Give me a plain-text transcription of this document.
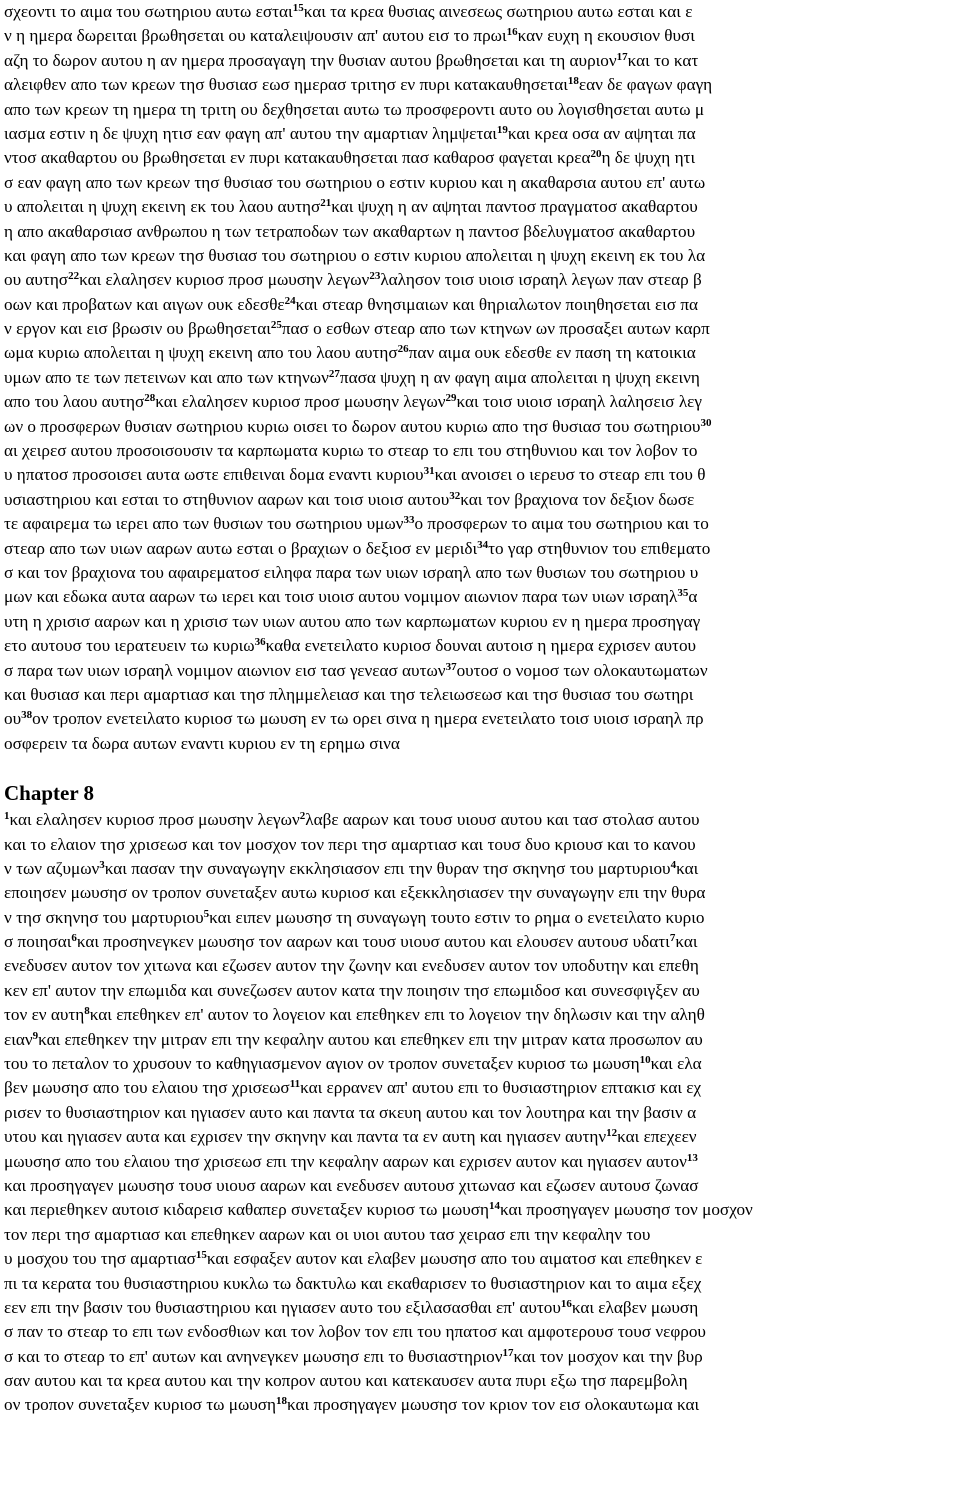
σχεοντι το αιμα του σωτηριου αυτω εσται$^{15}$και τα κρεα θυσιας αινεσεως σωτηριου αυτω εσται και ε
ν η ημερα δωρειται βρωθησεται ου καταλειψουσιν απ' αυτου εισ το πρωι$^{16}$καν ευχη η εκουσιον θυσι
αζη το δωρον αυτου η αν ημερα προσαγαγη την θυσιαν αυτου βρωθησεται και τη αυριον$^{17}$και το κατ
αλειφθεν απο των κρεων τησ θυσιασ εωσ ημερασ τριτησ εν πυρι κατακαυθησεται$^{18}$εαν δε φαγων φαγη
απο των κρεων τη ημερα τη τριτη ου δεχθησεται αυτω τω προσφεροντι αυτο ου λογισθησεται αυτω μ
ιασμα εστιν η δε ψυχη ητισ εαν φαγη απ' αυτου την αμαρτιαν λημψεται$^{19}$και κρεα οσα αν αψηται πα
ντοσ ακαθαρτου ου βρωθησεται εν πυρι κατακαυθησεται πασ καθαροσ φαγεται κρεα$^{20}$η δε ψυχη ητι
σ εαν φαγη απο των κρεων τησ θυσιασ του σωτηριου ο εστιν κυριου και η ακαθαρσια αυτου επ' αυτω
υ απολειται η ψυχη εκεινη εκ του λαου αυτησ$^{21}$και ψυχη η αν αψηται παντοσ πραγματοσ ακαθαρτου
η απο ακαθαρσιασ ανθρωπου η των τετραποδων των ακαθαρτων η παντοσ βδελυγματοσ ακαθαρτου
και φαγη απο των κρεων τησ θυσιασ του σωτηριου ο εστιν κυριου απολειται η ψυχη εκεινη εκ του λα
ου αυτησ$^{22}$και ελαλησεν κυριοσ προσ μωυσην λεγων$^{23}$λαλησον τοισ υιοισ ισραηλ λεγων παν στεαρ β
οων και προβατων και αιγων ουκ εδεσθε$^{24}$και στεαρ θνησιμαιων και θηριαλωτον ποιηθησεται εισ πα
ν εργον και εισ βρωσιν ου βρωθησεται$^{25}$πασ ο εσθων στεαρ απο των κτηνων ων προσαξει αυτων καρπ
ωμα κυριω απολειται η ψυχη εκεινη απο του λαου αυτησ$^{26}$παν αιμα ουκ εδεσθε εν παση τη κατοικια
υμων απο τε των πετεινων και απο των κτηνων$^{27}$πασα ψυχη η αν φαγη αιμα απολειται η ψυχη εκεινη
απο του λαου αυτησ$^{28}$και ελαλησεν κυριοσ προσ μωυσην λεγων$^{29}$και τοισ υιοισ ισραηλ λαλησεισ λεγ
ων ο προσφερων θυσιαν σωτηριου κυριω οισει το δωρον αυτου κυριω απο τησ θυσιασ του σωτηριου$^{30}$
αι χειρεσ αυτου προσοισουσιν τα καρπωματα κυριω το στεαρ το επι του στηθυνιου και τον λοβον το
υ ηπατοσ προσοισει αυτα ωστε επιθειναι δομα εναντι κυριου$^{31}$και ανοισει ο ιερευσ το στεαρ επι του θ
υσιαστηριου και εσται το στηθυνιον ααρων και τοισ υιοισ αυτου$^{32}$και τον βραχιονα τον δεξιον δωσε
τε αφαιρεμα τω ιερει απο των θυσιων του σωτηριου υμων$^{33}$ο προσφερων το αιμα του σωτηριου και το
στεαρ απο των υιων ααρων αυτω εσται ο βραχιων ο δεξιοσ εν μεριδι$^{34}$το γαρ στηθυνιον του επιθεματο
σ και τον βραχιονα του αφαιρεματοσ ειληφα παρα των υιων ισραηλ απο των θυσιων του σωτηριου υ
μων και εδωκα αυτα ααρων τω ιερει και τοισ υιοισ αυτου νομιμον αιωνιον παρα των υιων ισραηλ$^{35}$α
υτη η χρισισ ααρων και η χρισισ των υιων αυτου απο των καρπωματων κυριου εν η ημερα προσηγαγ
ετο αυτουσ του ιερατευειν τω κυριω$^{36}$καθα ενετειλατο κυριοσ δουναι αυτοισ η ημερα εχρισεν αυτου
σ παρα των υιων ισραηλ νομιμον αιωνιον εισ τασ γενεασ αυτων$^{37}$ουτοσ ο νομοσ των ολοκαυτωματων
και θυσιασ και περι αμαρτιασ και τησ πλημμελειασ και τησ τελειωσεωσ και τησ θυσιασ του σωτηρι
$o\upsilon^{38}o\nu$ τροπον ενετειλατο κυριοσ τω μωυση εν τω ορει σινα η ημερα ενετειλατο τοισ υιοισ ισραηλ πρ
οσφερειν τα δωρα αυτων εναντι κυριου εν τη ερημω σινα
Chapter 8
$^1$και ελαλησεν κυριοσ προσ μωυσην λεγων$^2$λαβε ααρων και τουσ υιουσ αυτου και τασ στολασ αυτου
και το ελαιον τησ χρισεωσ και τον μοσχον τον περι τησ αμαρτιασ και τουσ δυο κριουσ και το κανου
ν των αζυμων$^3$και πασαν την συναγωγην εκκλησιασον επι την θυραν τησ σκηνησ του μαρτυριου$^4$και
εποιησεν μωυσησ ον τροπον συνεταξεν αυτω κυριοσ και εξεκκλησιασεν την συναγωγην επι την θυρα
ν τησ σκηνησ του μαρτυριου$^5$και ειπεν μωυσησ τη συναγωγη τουτο εστιν το ρημα ο ενετειλατο κυριο
σ ποιησαι$^6$και προσηνεγκεν μωυσησ τον ααρων και τουσ υιουσ αυτου και ελουσεν αυτουσ υδατι$^7$και
ενεδυσεν αυτον τον χιτωνα και εζωσεν αυτον την ζωνην και ενεδυσεν αυτον τον υποδυτην και επεθη
κεν επ' αυτον την επωμιδα και συνεζωσεν αυτον κατα την ποιησιν τησ επωμιδοσ και συνεσφιγξεν αυ
τον εν αυτη$^8$και επεθηκεν επ' αυτον το λογειον και επεθηκεν επι το λογειον την δηλωσιν και την αληθ
ειαν$^9$και επεθηκεν την μιτραν επι την κεφαλην αυτου και επεθηκεν επι την μιτραν κατα προσωπον αυ
του το πεταλον το χρυσουν το καθηγιασμενον αγιον ον τροπον συνεταξεν κυριοσ τω μωυση$^{10}$και ελα
βεν μωυσησ απο του ελαιου τησ χρισεωσ$^{11}$και ερρανεν απ' αυτου επι το θυσιαστηριον επτακισ και εχ
ρισεν το θυσιαστηριον και ηγιασεν αυτο και παντα τα σκευη αυτου και τον λουτηρα και την βασιν α
υτου και ηγιασεν αυτα και εχρισεν την σκηνην και παντα τα εν αυτη και ηγιασεν αυτην$^{12}$και επεχεεν
μωυσησ απο του ελαιου τησ χρισεωσ επι την κεφαλην ααρων και εχρισεν αυτον και ηγιασεν αυτον$^{13}$
και προσηγαγεν μωυσησ τουσ υιουσ ααρων και ενεδυσεν αυτουσ χιτωνασ και εζωσεν αυτουσ ζωνασ
και περιεθηκεν αυτοισ κιδαρεισ καθαπερ συνεταξεν κυριοσ τω μωυση$^{14}$και προσηγαγεν μωυσησ τον μοσχον
τον περι τησ αμαρτιασ και επεθηκεν ααρων και οι υιοι αυτου τασ χειρασ επι την κεφαλην του
υ μοσχου του τησ αμαρτιασ$^{15}$και εσφαξεν αυτον και ελαβεν μωυσησ απο του αιματοσ και επεθηκεν ε
πι τα κερατα του θυσιαστηριου κυκλω τω δακτυλω και εκαθαρισεν το θυσιαστηριον και το αιμα εξεχ
εεν επι την βασιν του θυσιαστηριου και ηγιασεν αυτο του εξιλασασθαι επ' αυτου$^{16}$και ελαβεν μωυση
σ παν το στεαρ το επι των ενδοσθιων και τον λοβον τον επι του ηπατοσ και αμφοτερουσ τουσ νεφρου
σ και το στεαρ το επ' αυτων και ανηνεγκεν μωυσησ επι το θυσιαστηριον$^{17}$και τον μοσχον και την βυρ
σαν αυτου και τα κρεα αυτου και την κοπρον αυτου και κατεκαυσεν αυτα πυρι εξω τησ παρεμβολη
ον τροπον συνεταξεν κυριοσ τω μωυση$^{18}$και προσηγαγεν μωυσησ τον κριον τον εισ ολοκαυτωμα και
